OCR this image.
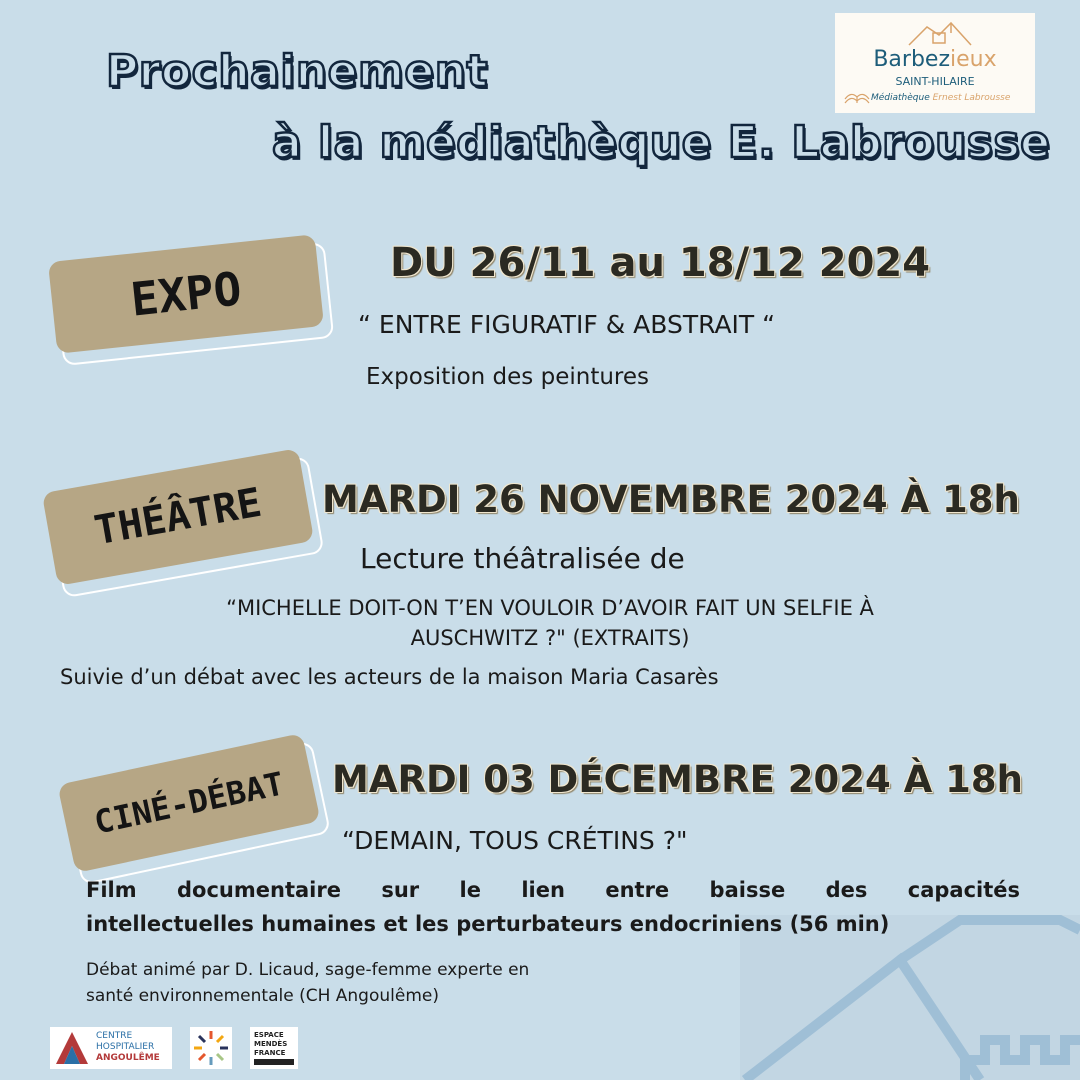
Prochainement
à la médiathèque E. Labrousse
Barbezieux
SAINT-HILAIRE
Médiathèque Ernest Labrousse
EXPO	DU 26/11 au 18/12 2024
“ ENTRE FIGURATIF & ABSTRAIT “
Exposition des peintures
THÉÂTRE	MARDI 26 NOVEMBRE 2024 À 18h
Lecture théâtralisée de
“MICHELLE DOIT-ON T’EN VOULOIR D’AVOIR FAIT UN SELFIE À
AUSCHWITZ ?" (EXTRAITS)
Suivie d’un débat avec les acteurs de la maison Maria Casarès
CINÉ-DÉBAT	MARDI 03 DÉCEMBRE 2024 À 18h
“DEMAIN, TOUS CRÉTINS ?"
Film documentaire sur le lien entre baisse des capacités
intellectuelles humaines et les perturbateurs endocriniens (56 min)
Débat animé par D. Licaud, sage-femme experte en
santé environnementale (CH Angoulême)
CENTRE
HOSPITALIER
ANGOULÊME
ESPACE
MENDÈS
FRANCE
